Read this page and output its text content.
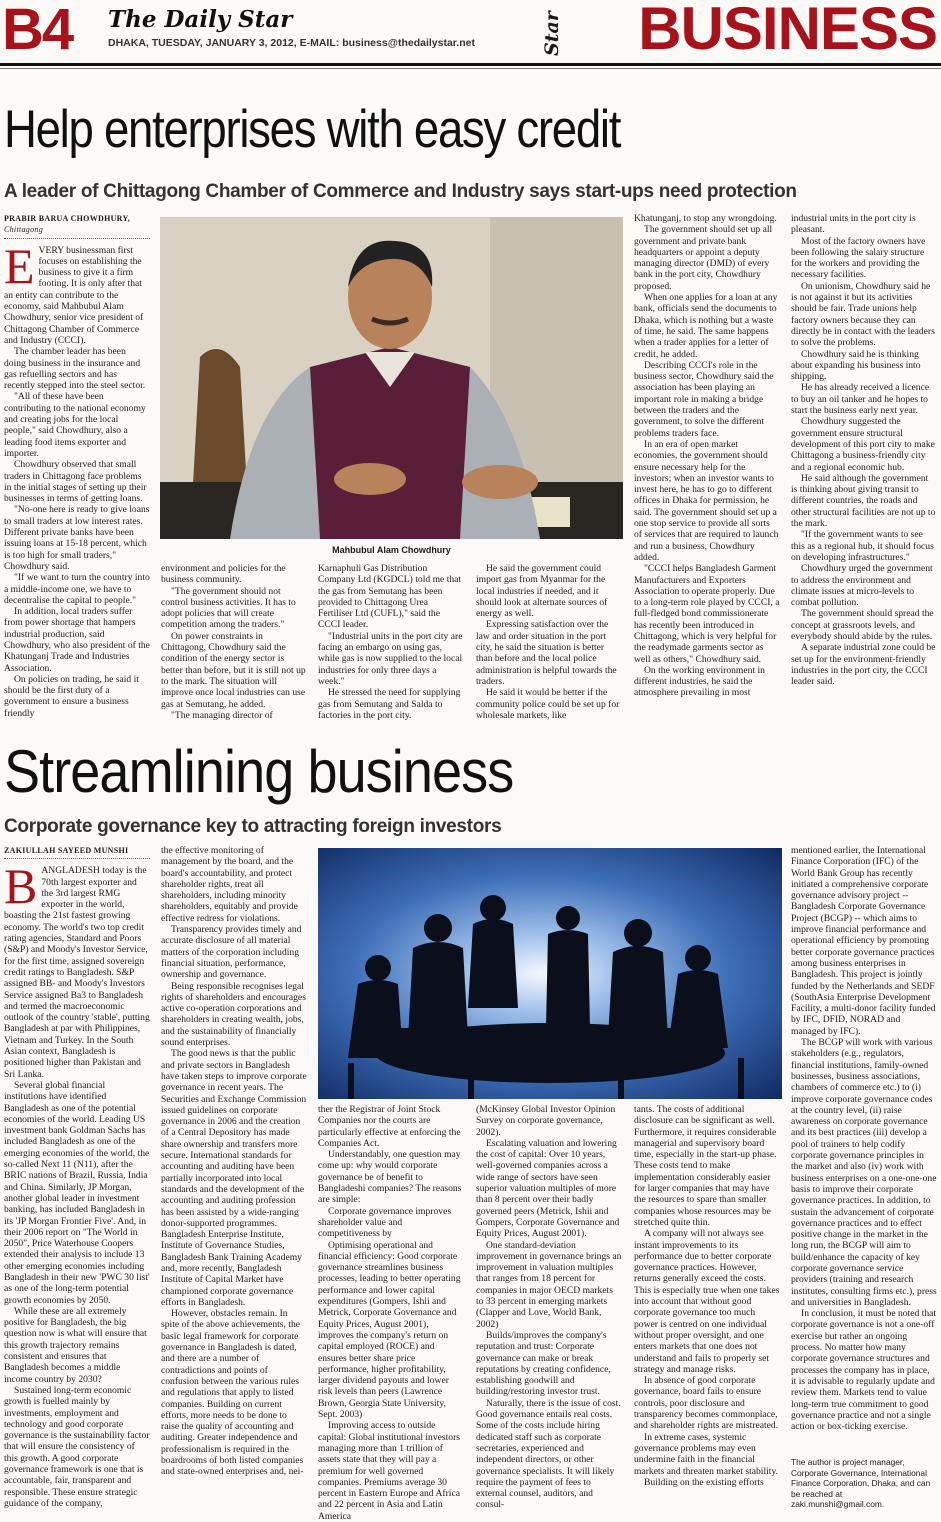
B4 The Daily Star
DHAKA, TUESDAY, JANUARY 3, 2012, E-MAIL: business@thedailystar.net	Star BUSINESS
Help enterprises with easy credit
A leader of Chittagong Chamber of Commerce and Industry says start-ups need protection
PRABIR BARUA CHOWDHURY, Chittagong
E VERY businessman first focuses on establishing the business to give it a firm footing. It is only after that an entity can contribute to the economy, said Mahbubul Alam Chowdhury, senior vice president of Chittagong Chamber of Commerce and Industry (CCCI).

The chamber leader has been doing business in the insurance and gas refuelling sectors and has recently stepped into the steel sector.

"All of these have been contributing to the national economy and creating jobs for the local people," said Chowdhury, also a leading food items exporter and importer.

Chowdhury observed that small traders in Chittagong face problems in the initial stages of setting up their businesses in terms of getting loans.

"No-one here is ready to give loans to small traders at low interest rates. Different private banks have been issuing loans at 15-18 percent, which is too high for small traders," Chowdhury said.

"If we want to turn the country into a middle-income one, we have to decentralise the capital to people."

In addition, local traders suffer from power shortage that hampers industrial production, said Chowdhury, who also president of the Khatunganj Trade and Industries Association.

On policies on trading, he said it should be the first duty of a government to ensure a business friendly

Mahbubul Alam Chowdhury

environment and policies for the business community.

"The government should not control business activities. It has to adopt policies that will create competition among the traders."

On power constraints in Chittagong, Chowdhury said the condition of the energy sector is better than before, but it is still not up to the mark. The situation will improve once local industries can use gas at Semutang, he added.

"The managing director of

Karnaphuli Gas Distribution Company Ltd (KGDCL) told me that the gas from Semutang has been provided to Chittagong Urea Fertiliser Ltd (CUFL)," said the CCCI leader.

"Industrial units in the port city are facing an embargo on using gas, while gas is now supplied to the local industries for only three days a week."

He stressed the need for supplying gas from Semutang and Salda to factories in the port city.

He said the government could import gas from Myanmar for the local industries if needed, and it should look at alternate sources of energy as well.

Expressing satisfaction over the law and order situation in the port city, he said the situation is better than before and the local police administration is helpful towards the traders.

He said it would be better if the community police could be set up for wholesale markets, like

Khatunganj, to stop any wrongdoing.

The government should set up all government and private bank headquarters or appoint a deputy managing director (DMD) of every bank in the port city, Chowdhury proposed.

When one applies for a loan at any bank, officials send the documents to Dhaka, which is nothing but a waste of time, he said. The same happens when a trader applies for a letter of credit, he added.

Describing CCCI's role in the business sector, Chowdhury said the association has been playing an important role in making a bridge between the traders and the government, to solve the different problems traders face.

In an era of open market economies, the government should ensure necessary help for the investors; when an investor wants to invest here, he has to go to different offices in Dhaka for permission, he said. The government should set up a one stop service to provide all sorts of services that are required to launch and run a business, Chowdhury added.

"CCCI helps Bangladesh Garment Manufacturers and Exporters Association to operate properly. Due to a long-term role played by CCCI, a full-fledged bond commissionerate has recently been introduced in Chittagong, which is very helpful for the readymade garments sector as well as others," Chowdhury said.

On the working environment in different industries, he said the atmosphere prevailing in most

industrial units in the port city is pleasant.

Most of the factory owners have been following the salary structure for the workers and providing the necessary facilities.

On unionism, Chowdhury said he is not against it but its activities should be fair. Trade unions help factory owners because they can directly be in contact with the leaders to solve the problems.

Chowdhury said he is thinking about expanding his business into shipping.

He has already received a licence to buy an oil tanker and he hopes to start the business early next year.

Chowdhury suggested the government ensure structural development of this port city to make Chittagong a business-friendly city and a regional economic hub.

He said although the government is thinking about giving transit to different countries, the roads and other structural facilities are not up to the mark.

"If the government wants to see this as a regional hub, it should focus on developing infrastructures."

Chowdhury urged the government to address the environment and climate issues at micro-levels to combat pollution.

The government should spread the concept at grassroots levels, and everybody should abide by the rules.

A separate industrial zone could be set up for the environment-friendly industries in the port city, the CCCI leader said.

Streamlining business
Corporate governance key to attracting foreign investors
ZAKIULLAH SAYEED MUNSHI
B ANGLADESH today is the 70th largest exporter and the 3rd largest RMG exporter in the world, boasting the 21st fastest growing economy. The world's two top credit rating agencies, Standard and Poors (S&P) and Moody's Investor Service, for the first time, assigned sovereign credit ratings to Bangladesh. S&P assigned BB- and Moody's Investors Service assigned Ba3 to Bangladesh and termed the macroeconomic outlook of the country 'stable', putting Bangladesh at par with Philippines, Vietnam and Turkey. In the South Asian context, Bangladesh is positioned higher than Pakistan and Sri Lanka.

Several global financial institutions have identified Bangladesh as one of the potential economies of the world. Leading US investment bank Goldman Sachs has included Bangladesh as one of the emerging economies of the world, the so-called Next 11 (N11), after the BRIC nations of Brazil, Russia, India and China. Similarly, JP Morgan, another global leader in investment banking, has included Bangladesh in its 'JP Morgan Frontier Five'. And, in their 2006 report on "The World in 2050", Price Waterhouse Coopers extended their analysis to include 13 other emerging economies including Bangladesh in their new 'PWC 30 list' as one of the long-term potential growth economies by 2050.

While these are all extremely positive for Bangladesh, the big question now is what will ensure that this growth trajectory remains consistent and ensures that Bangladesh becomes a middle income country by 2030?

Sustained long-term economic growth is fuelled mainly by investments, employment and technology and good corporate governance is the sustainability factor that will ensure the consistency of this growth. A good corporate governance framework is one that is accountable, fair, transparent and responsible. These ensure strategic guidance of the company,

the effective monitoring of management by the board, and the board's accountability, and protect shareholder rights, treat all shareholders, including minority shareholders, equitably and provide effective redress for violations.

Transparency provides timely and accurate disclosure of all material matters of the corporation including financial situation, performance, ownership and governance.

Being responsible recognises legal rights of shareholders and encourages active co-operation corporations and shareholders in creating wealth, jobs, and the sustainability of financially sound enterprises.

The good news is that the public and private sectors in Bangladesh have taken steps to improve corporate governance in recent years. The Securities and Exchange Commission issued guidelines on corporate governance in 2006 and the creation of a Central Depository has made share ownership and transfers more secure. International standards for accounting and auditing have been partially incorporated into local standards and the development of the accounting and auditing profession has been assisted by a wide-ranging donor-supported programmes. Bangladesh Enterprise Institute, Institute of Governance Studies, Bangladesh Bank Training Academy and, more recently, Bangladesh Institute of Capital Market have championed corporate governance efforts in Bangladesh.

However, obstacles remain. In spite of the above achievements, the basic legal framework for corporate governance in Bangladesh is dated, and there are a number of contradictions and points of confusion between the various rules and regulations that apply to listed companies. Building on current efforts, more needs to be done to raise the quality of accounting and auditing. Greater independence and professionalism is required in the boardrooms of both listed companies and state-owned enterprises and, nei-

ther the Registrar of Joint Stock Companies nor the courts are particularly effective at enforcing the Companies Act.

Understandably, one question may come up: why would corporate governance be of benefit to Bangladeshi companies? The reasons are simple:

Corporate governance improves shareholder value and competitiveness by

Optimising operational and financial efficiency: Good corporate governance streamlines business processes, leading to better operating performance and lower capital expenditures (Gompers, Ishii and Metrick, Corporate Governance and Equity Prices, August 2001), improves the company's return on capital employed (ROCE) and ensures better share price performance, higher profitability, larger dividend payouts and lower risk levels than peers (Lawrence Brown, Georgia State University, Sept. 2003)

Improving access to outside capital: Global institutional investors managing more than 1 trillion of assets state that they will pay a premium for well governed companies. Premiums average 30 percent in Eastern Europe and Africa and 22 percent in Asia and Latin America

(McKinsey Global Investor Opinion Survey on corporate governance, 2002).

Escalating valuation and lowering the cost of capital: Over 10 years, well-governed companies across a wide range of sectors have seen superior valuation multiples of more than 8 percent over their badly governed peers (Metrick, Ishii and Gompers, Corporate Governance and Equity Prices, August 2001).

One standard-deviation improvement in governance brings an improvement in valuation multiples that ranges from 18 percent for companies in major OECD markets to 33 percent in emerging markets (Clapper and Love, World Bank, 2002)

Builds/improves the company's reputation and trust: Corporate governance can make or break reputations by creating confidence, establishing goodwill and building/restoring investor trust.

Naturally, there is the issue of cost. Good governance entails real costs. Some of the costs include hiring dedicated staff such as corporate secretaries, experienced and independent directors, or other governance specialists. It will likely require the payment of fees to external counsel, auditors, and consul-

tants. The costs of additional disclosure can be significant as well. Furthermore, it requires considerable managerial and supervisory board time, especially in the start-up phase. These costs tend to make implementation considerably easier for larger companies that may have the resources to spare than smaller companies whose resources may be stretched quite thin.

A company will not always see instant improvements to its performance due to better corporate governance practices. However, returns generally exceed the costs. This is especially true when one takes into account that without good corporate governance too much power is centred on one individual without proper oversight, and one enters markets that one does not understand and fails to properly set strategy and manage risks.

In absence of good corporate governance, board fails to ensure controls, poor disclosure and transparency becomes commonplace, and shareholder rights are mistreated.

In extreme cases, systemic governance problems may even undermine faith in the financial markets and threaten market stability.

Building on the existing efforts

mentioned earlier, the International Finance Corporation (IFC) of the World Bank Group has recently initiated a comprehensive corporate governance advisory project -- Bangladesh Corporate Governance Project (BCGP) -- which aims to improve financial performance and operational efficiency by promoting better corporate governance practices among business enterprises in Bangladesh. This project is jointly funded by the Netherlands and SEDF (SouthAsia Enterprise Development Facility, a multi-donor facility funded by IFC, DFID, NORAD and managed by IFC).

The BCGP will work with various stakeholders (e.g., regulators, financial institutions, family-owned businesses, business associations, chambers of commerce etc.) to (i) improve corporate governance codes at the country level, (ii) raise awareness on corporate governance and its best practices (iii) develop a pool of trainers to help codify corporate governance principles in the market and also (iv) work with business enterprises on a one-one-one basis to improve their corporate governance practices. In addition, to sustain the advancement of corporate governance practices and to effect positive change in the market in the long run, the BCGP will aim to build/enhance the capacity of key corporate governance service providers (training and research institutes, consulting firms etc.), press and universities in Bangladesh.

In conclusion, it must be noted that corporate governance is not a one-off exercise but rather an ongoing process. No matter how many corporate governance structures and processes the company has in place, it is advisable to regularly update and review them. Markets tend to value long-term true commitment to good governance practice and not a single action or box-ticking exercise.

The author is project manager, Corporate Governance, International Finance Corporation, Dhaka, and can be reached at zaki.munshi@gmail.com.
